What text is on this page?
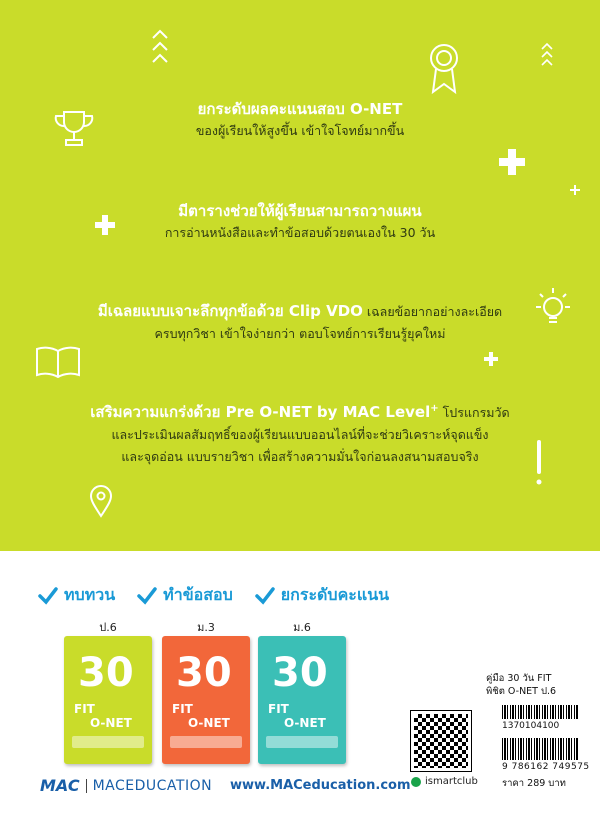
ยกระดับผลคะแนนสอบ O-NET
ของผู้เรียนให้สูงขึ้น เข้าใจโจทย์มากขึ้น
มีตารางช่วยให้ผู้เรียนสามารถวางแผน
การอ่านหนังสือและทำข้อสอบด้วยตนเองใน 30 วัน
มีเฉลยแบบเจาะลึกทุกข้อด้วย Clip VDO เฉลยข้อยากอย่างละเอียด
ครบทุกวิชา เข้าใจง่ายกว่า ตอบโจทย์การเรียนรู้ยุคใหม่
เสริมความแกร่งด้วย Pre O-NET by MAC Level+ โปรแกรมวัด
และประเมินผลสัมฤทธิ์ของผู้เรียนแบบออนไลน์ที่จะช่วยวิเคราะห์จุดแข็ง
และจุดอ่อน แบบรายวิชา เพื่อสร้างความมั่นใจก่อนลงสนามสอบจริง
ทบทวน	ทำข้อสอบ	ยกระดับคะแนน
ป.6
30
FIT
O-NET
ม.3
30
FIT
O-NET
ม.6
30
FIT
O-NET
คู่มือ 30 วัน FIT
พิชิต O-NET ป.6
1370104100
9 786162 749575
ราคา 289 บาท
ismartclub
MAC MACEDUCATION www.MACeducation.com
